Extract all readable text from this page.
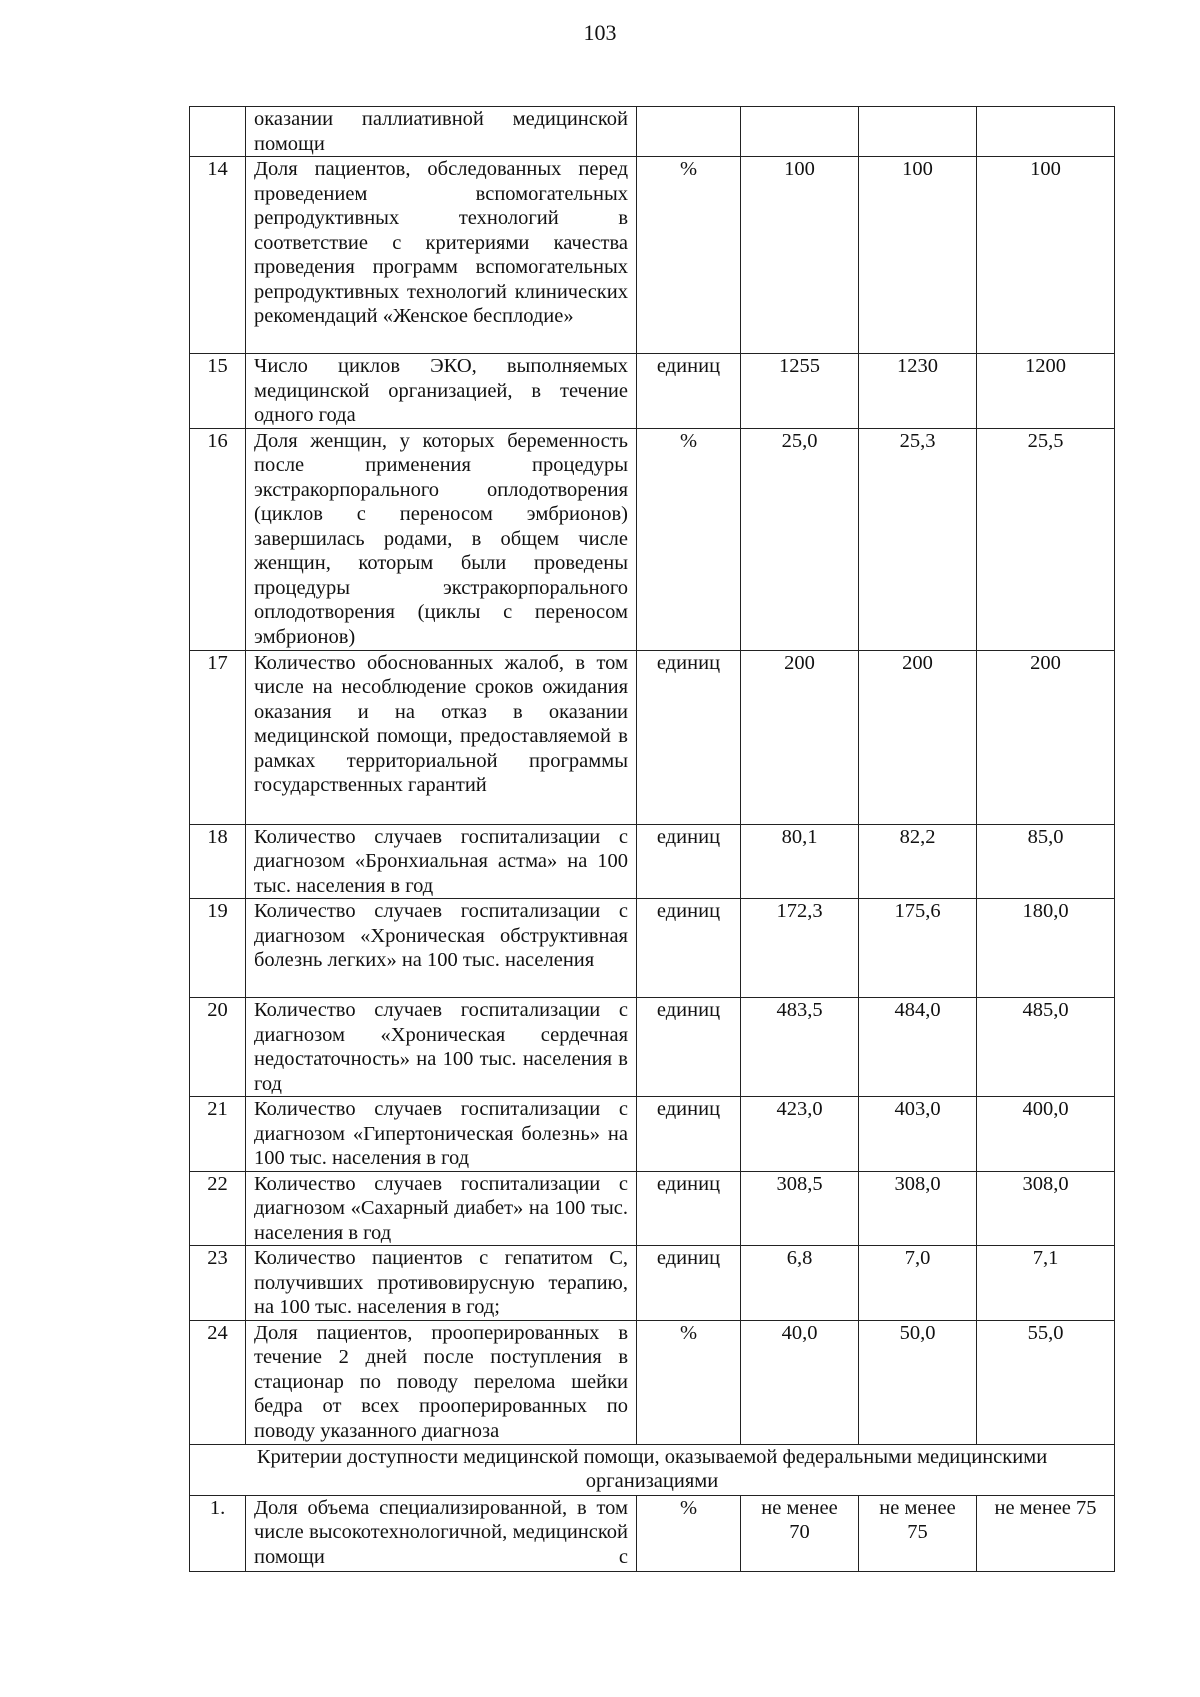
103
	оказании паллиативной медицинской помощи				
14	Доля пациентов, обследованных перед проведением вспомогательных репродуктивных технологий в соответствие с критериями качества проведения программ вспомогательных репродуктивных технологий клинических рекомендаций «Женское бесплодие»	%	100	100	100
15	Число циклов ЭКО, выполняемых медицинской организацией, в течение одного года	единиц	1255	1230	1200
16	Доля женщин, у которых беременность после применения процедуры экстракорпорального оплодотворения (циклов с переносом эмбрионов) завершилась родами, в общем числе женщин, которым были проведены процедуры экстракорпорального оплодотворения (циклы с переносом эмбрионов)	%	25,0	25,3	25,5
17	Количество обоснованных жалоб, в том числе на несоблюдение сроков ожидания оказания и на отказ в оказании медицинской помощи, предоставляемой в рамках территориальной программы государственных гарантий	единиц	200	200	200
18	Количество случаев госпитализации с диагнозом «Бронхиальная астма» на 100 тыс. населения в год	единиц	80,1	82,2	85,0
19	Количество случаев госпитализации с диагнозом «Хроническая обструктивная болезнь легких» на 100 тыс. населения	единиц	172,3	175,6	180,0
20	Количество случаев госпитализации с диагнозом «Хроническая сердечная недостаточность» на 100 тыс. населения в год	единиц	483,5	484,0	485,0
21	Количество случаев госпитализации с диагнозом «Гипертоническая болезнь» на 100 тыс. населения в год	единиц	423,0	403,0	400,0
22	Количество случаев госпитализации с диагнозом «Сахарный диабет» на 100 тыс. населения в год	единиц	308,5	308,0	308,0
23	Количество пациентов с гепатитом С, получивших противовирусную терапию, на 100 тыс. населения в год;	единиц	6,8	7,0	7,1
24	Доля пациентов, прооперированных в течение 2 дней после поступления в стационар по поводу перелома шейки бедра от всех прооперированных по поводу указанного диагноза	%	40,0	50,0	55,0
Критерии доступности медицинской помощи, оказываемой федеральными медицинскими организациями					
1.	Доля объема специализированной, в том числе высокотехнологичной, медицинской помощи с	%	не менее 70	не менее 75	не менее 75
